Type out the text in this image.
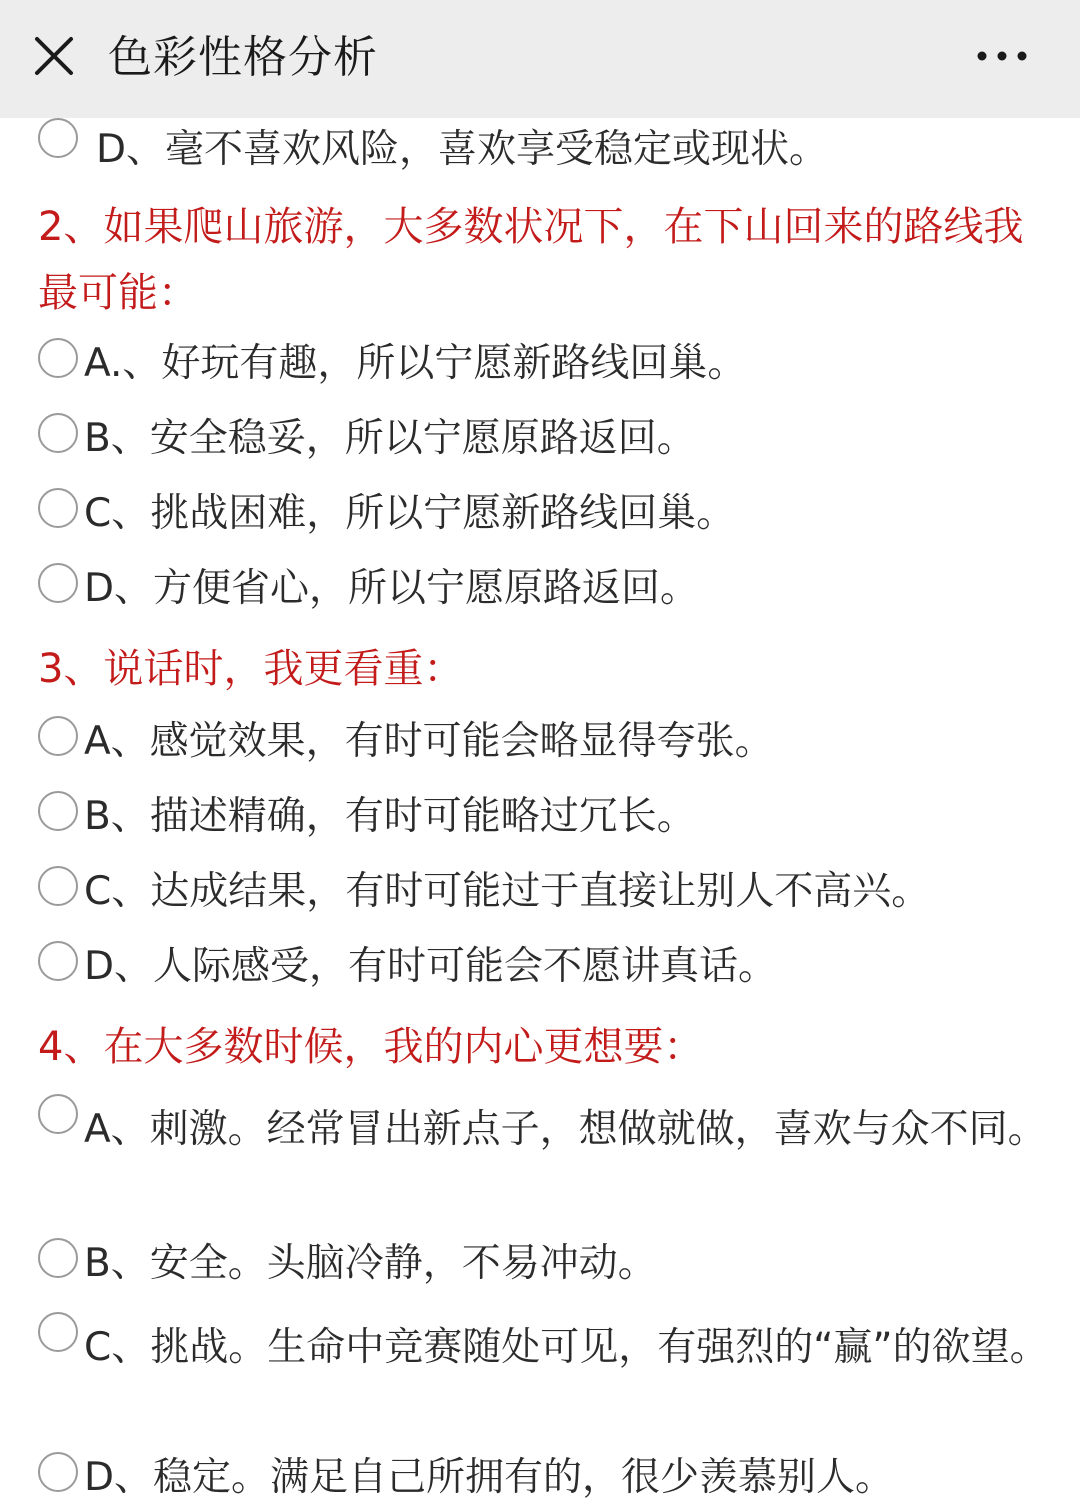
色彩性格分析
D、毫不喜欢风险，喜欢享受稳定或现状。
2、如果爬山旅游，大多数状况下，在下山回来的路线我最可能：
A.、好玩有趣，所以宁愿新路线回巢。
B、安全稳妥，所以宁愿原路返回。
C、挑战困难，所以宁愿新路线回巢。
D、方便省心，所以宁愿原路返回。
3、说话时，我更看重：
A、感觉效果，有时可能会略显得夸张。
B、描述精确，有时可能略过冗长。
C、达成结果，有时可能过于直接让别人不高兴。
D、人际感受，有时可能会不愿讲真话。
4、在大多数时候，我的内心更想要：
A、刺激。经常冒出新点子，想做就做，喜欢与众不同。
B、安全。头脑冷静，不易冲动。
C、挑战。生命中竞赛随处可见，有强烈的“赢”的欲望。
D、稳定。满足自己所拥有的，很少羡慕别人。
